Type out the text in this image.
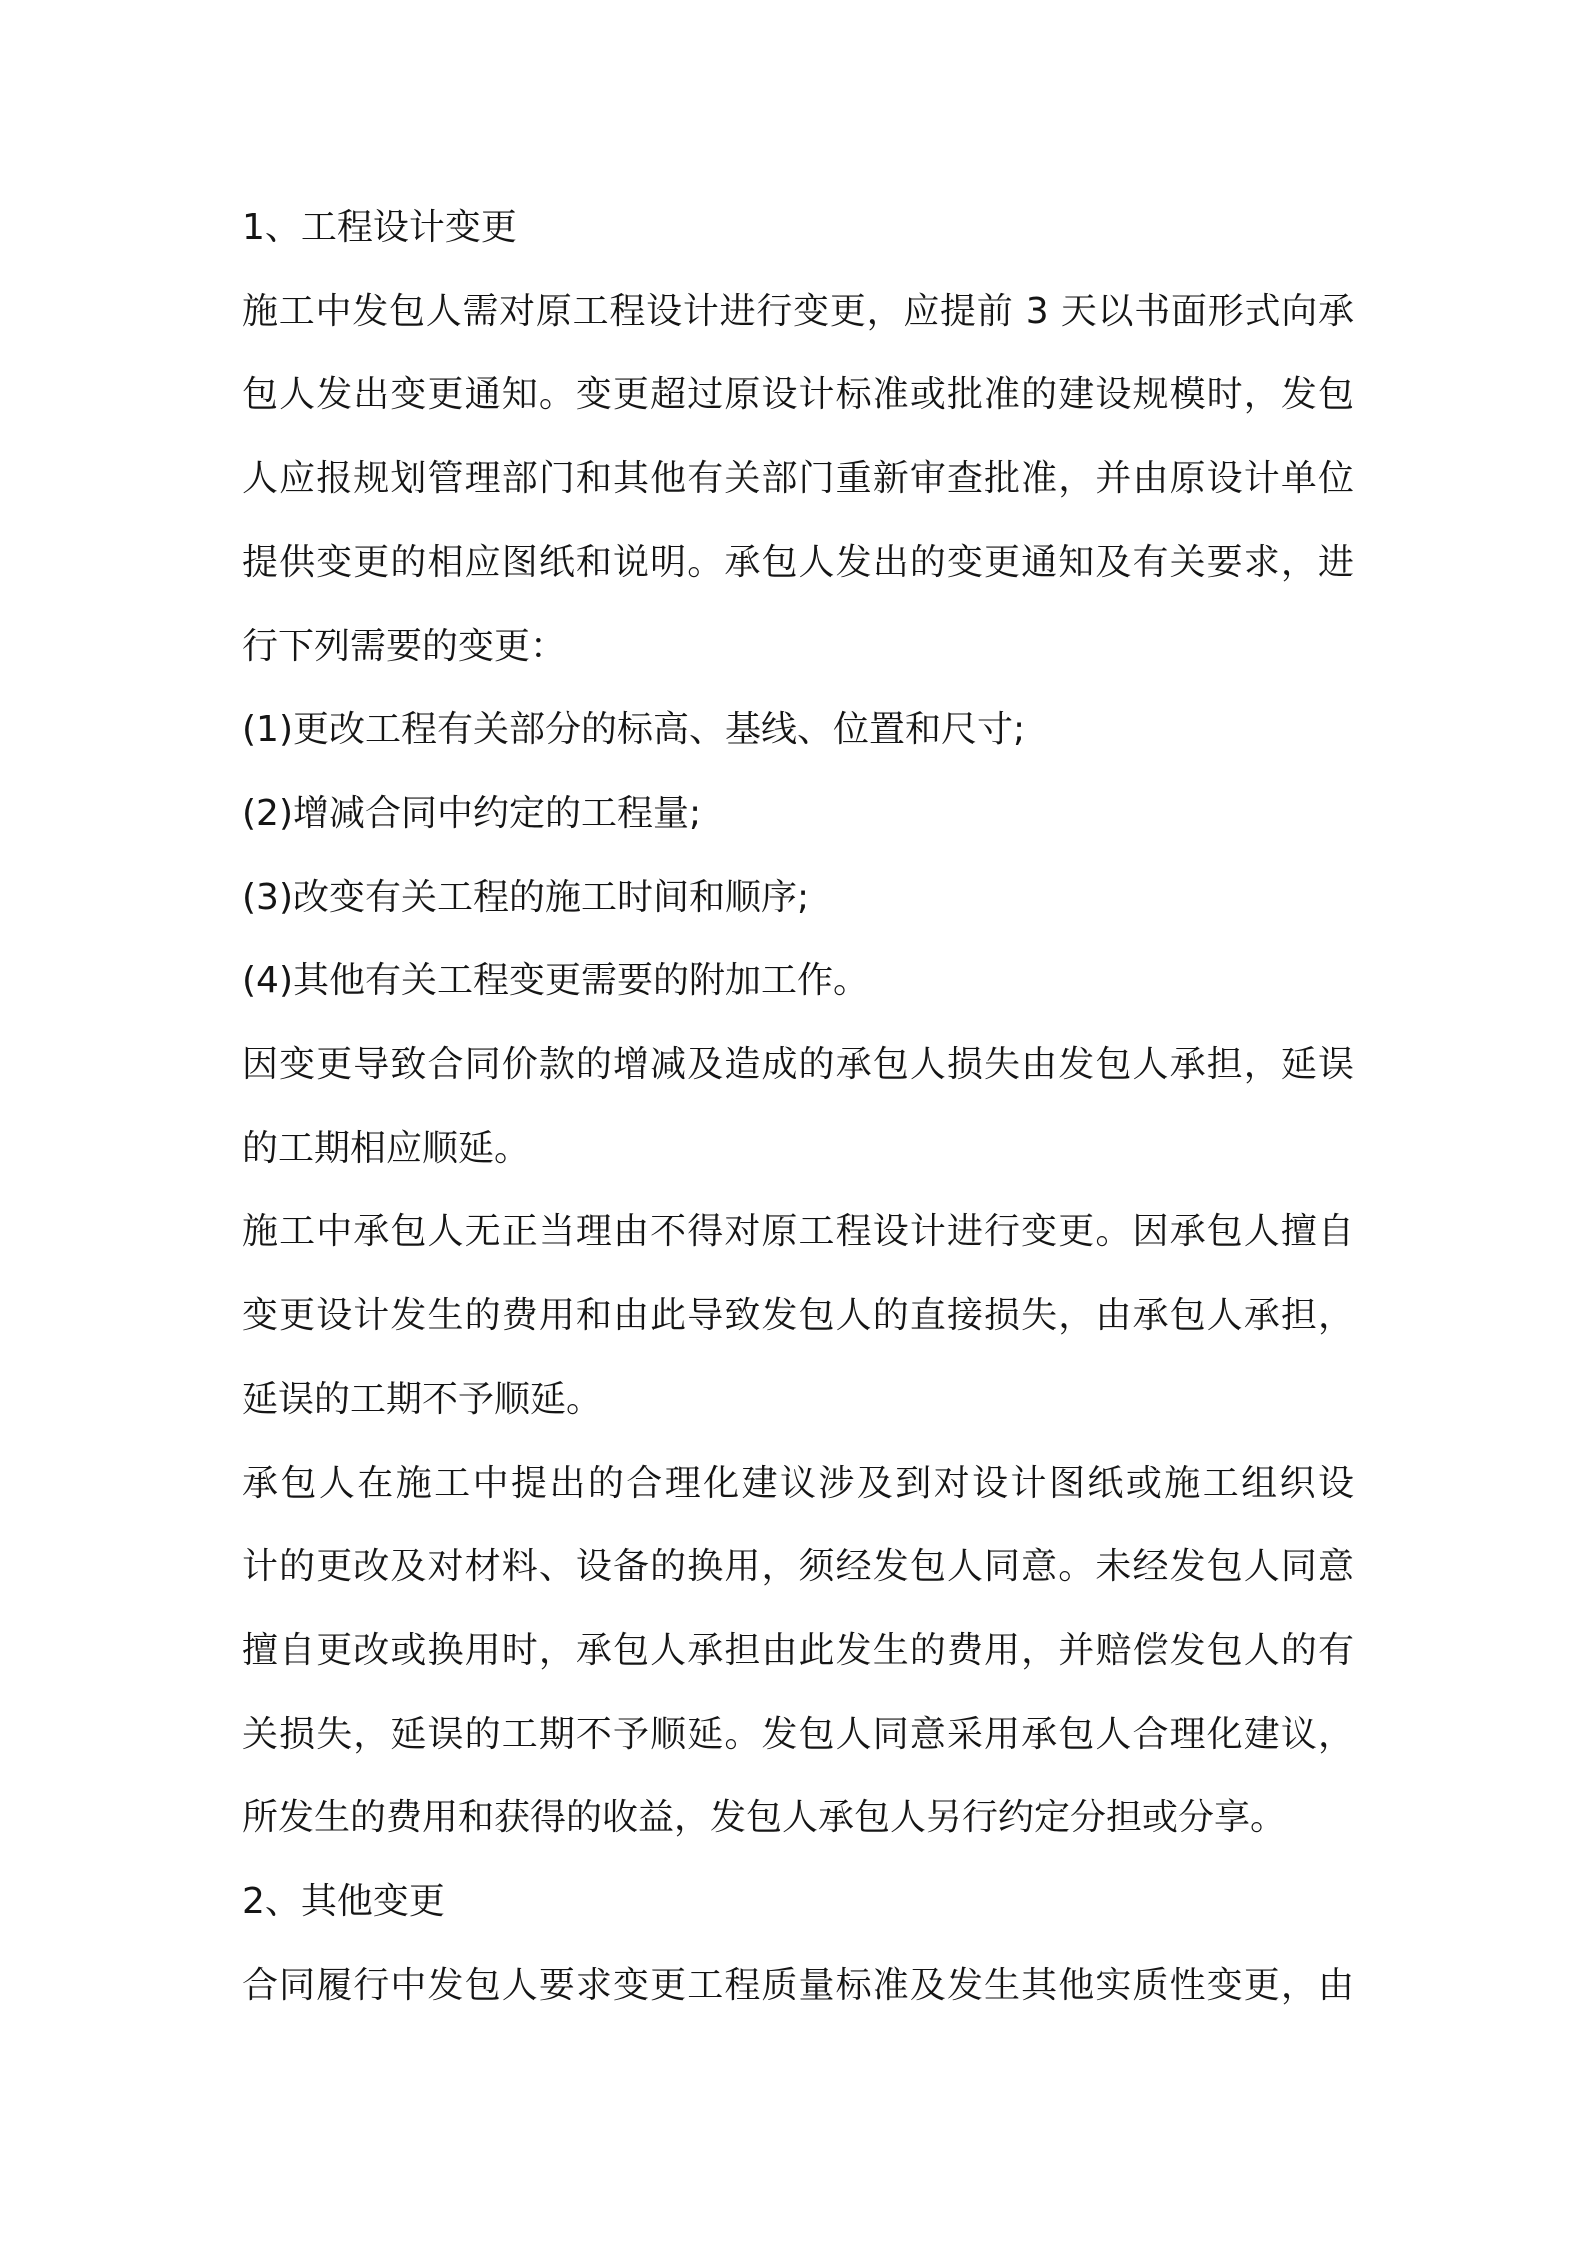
1、工程设计变更
施工中发包人需对原工程设计进行变更，应提前 3 天以书面形式向承
包人发出变更通知。变更超过原设计标准或批准的建设规模时，发包
人应报规划管理部门和其他有关部门重新审查批准，并由原设计单位
提供变更的相应图纸和说明。承包人发出的变更通知及有关要求，进
行下列需要的变更：
(1)更改工程有关部分的标高、基线、位置和尺寸;
(2)增减合同中约定的工程量;
(3)改变有关工程的施工时间和顺序;
(4)其他有关工程变更需要的附加工作。
因变更导致合同价款的增减及造成的承包人损失由发包人承担，延误
的工期相应顺延。
施工中承包人无正当理由不得对原工程设计进行变更。因承包人擅自
变更设计发生的费用和由此导致发包人的直接损失，由承包人承担，
延误的工期不予顺延。
承包人在施工中提出的合理化建议涉及到对设计图纸或施工组织设
计的更改及对材料、设备的换用，须经发包人同意。未经发包人同意
擅自更改或换用时，承包人承担由此发生的费用，并赔偿发包人的有
关损失，延误的工期不予顺延。发包人同意采用承包人合理化建议，
所发生的费用和获得的收益，发包人承包人另行约定分担或分享。
2、其他变更
合同履行中发包人要求变更工程质量标准及发生其他实质性变更，由
